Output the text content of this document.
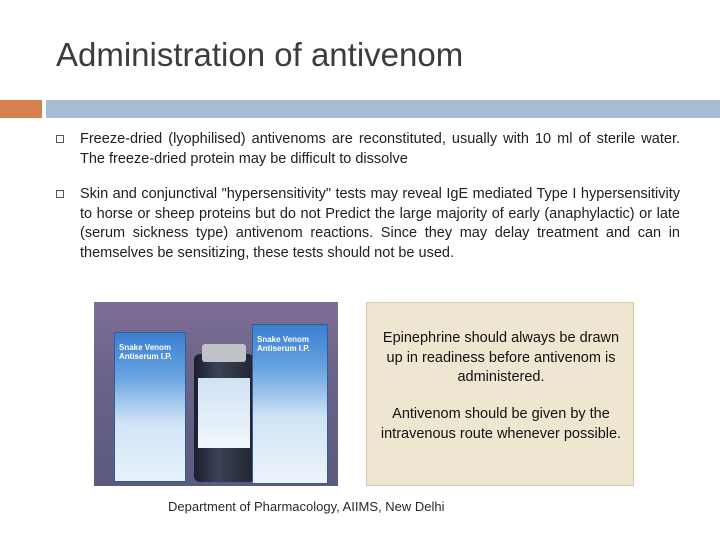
Administration of antivenom
Freeze-dried (lyophilised) antivenoms are reconstituted, usually with 10 ml of sterile water. The freeze-dried protein may be difficult to dissolve
Skin and conjunctival "hypersensitivity" tests may reveal IgE mediated Type I hypersensitivity to horse or sheep proteins but do not Predict the large majority of early (anaphylactic) or late (serum sickness type) antivenom reactions. Since they may delay treatment and can in themselves be sensitizing, these tests should not be used.
Snake Venom Antiserum I.P.
Snake Venom Antiserum I.P.
Epinephrine should always be drawn up in readiness before antivenom is administered.
Antivenom should be given by the intravenous route whenever possible.
Department of Pharmacology, AIIMS, New Delhi
